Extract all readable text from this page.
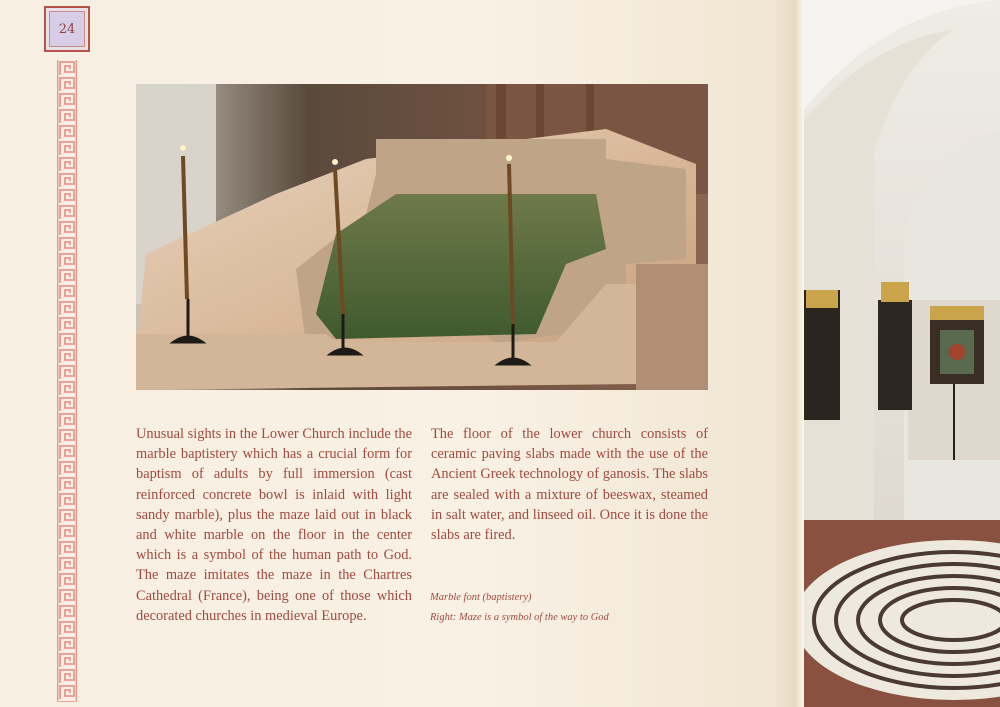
24
Unusual sights in the Lower Church include the marble baptistery which has a crucial form for baptism of adults by full immersion (cast reinforced concrete bowl is inlaid with light sandy marble), plus the maze laid out in black and white marble on the floor in the center which is a symbol of the human path to God. The maze imitates the maze in the Chartres Cathedral (France), being one of those which decorated churches in medieval Europe.
The floor of the lower church consists of ceramic paving slabs made with the use of the Ancient Greek technology of ganosis. The slabs are sealed with a mixture of beeswax, steamed in salt water, and linseed oil. Once it is done the slabs are fired.
Marble font (baptistery)
Right: Maze is a symbol of the way to God
